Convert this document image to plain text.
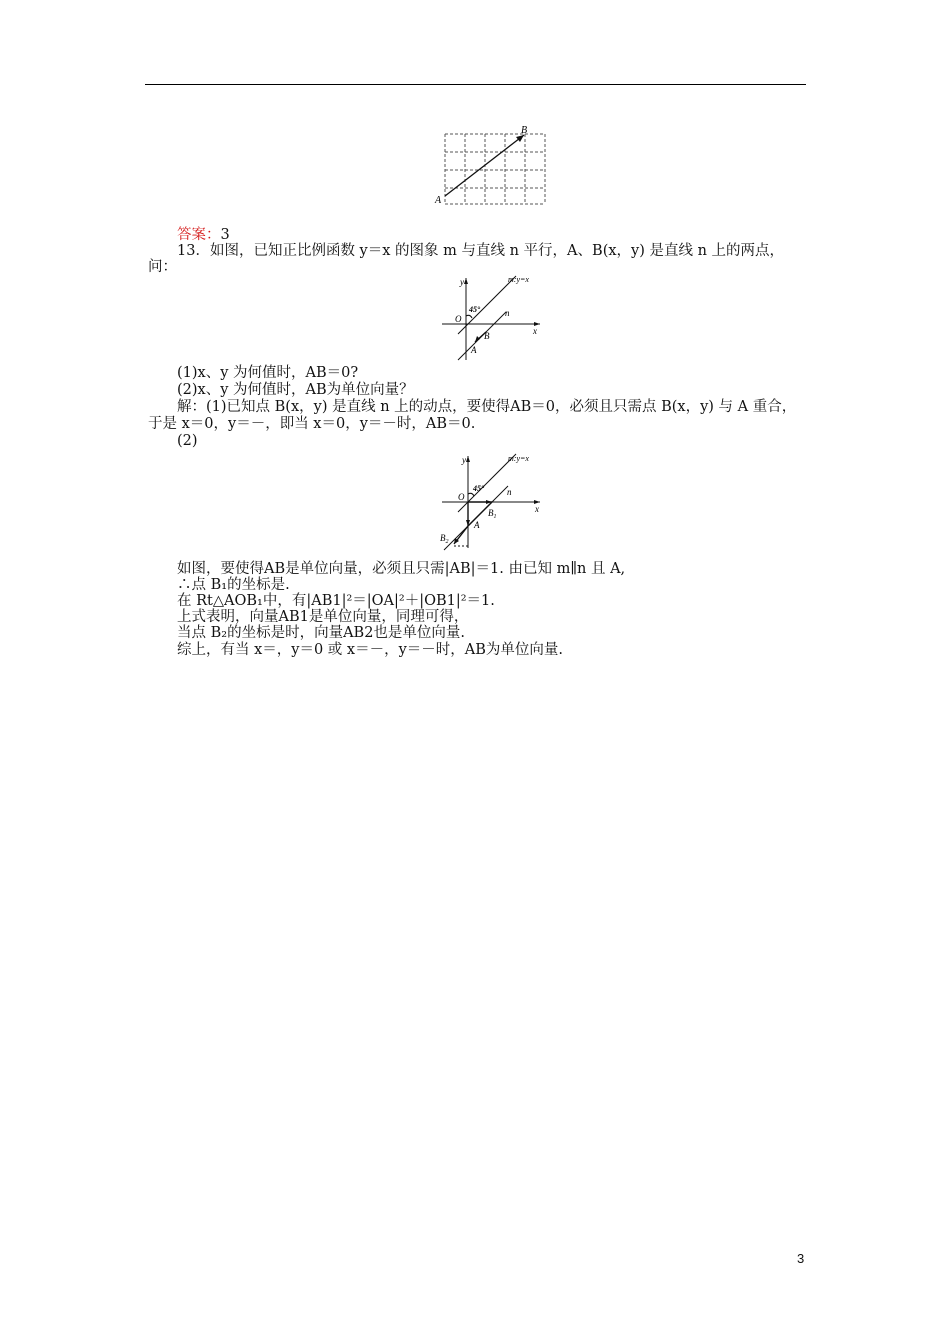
A
B
答案：3
13．如图，已知正比例函数 y＝x 的图象 m 与直线 n 平行，A、B(x，y) 是直线 n 上的两点，
问：
y
x
O
45°
m:y=x
n
B
A
(1)x、y 为何值时，AB＝0?
(2)x、y 为何值时，AB为单位向量？
解：(1)已知点 B(x，y) 是直线 n 上的动点，要使得AB＝0，必须且只需点 B(x，y) 与 A 重合，
于是 x＝0，y＝－，即当 x＝0，y＝－时，AB＝0.
(2)
y
x
O
45°
m:y=x
n
$B_1$
A
$B_2$
如图，要使得AB是单位向量，必须且只需|AB|＝1. 由已知 m∥n 且 A,
∴点 B₁的坐标是.
在 Rt△AOB₁中，有|AB1|²＝|OA|²＋|OB1|²＝1.
上式表明，向量AB1是单位向量，同理可得，
当点 B₂的坐标是时，向量AB2也是单位向量.
综上，有当 x＝，y＝0 或 x＝－，y＝－时，AB为单位向量.
3
